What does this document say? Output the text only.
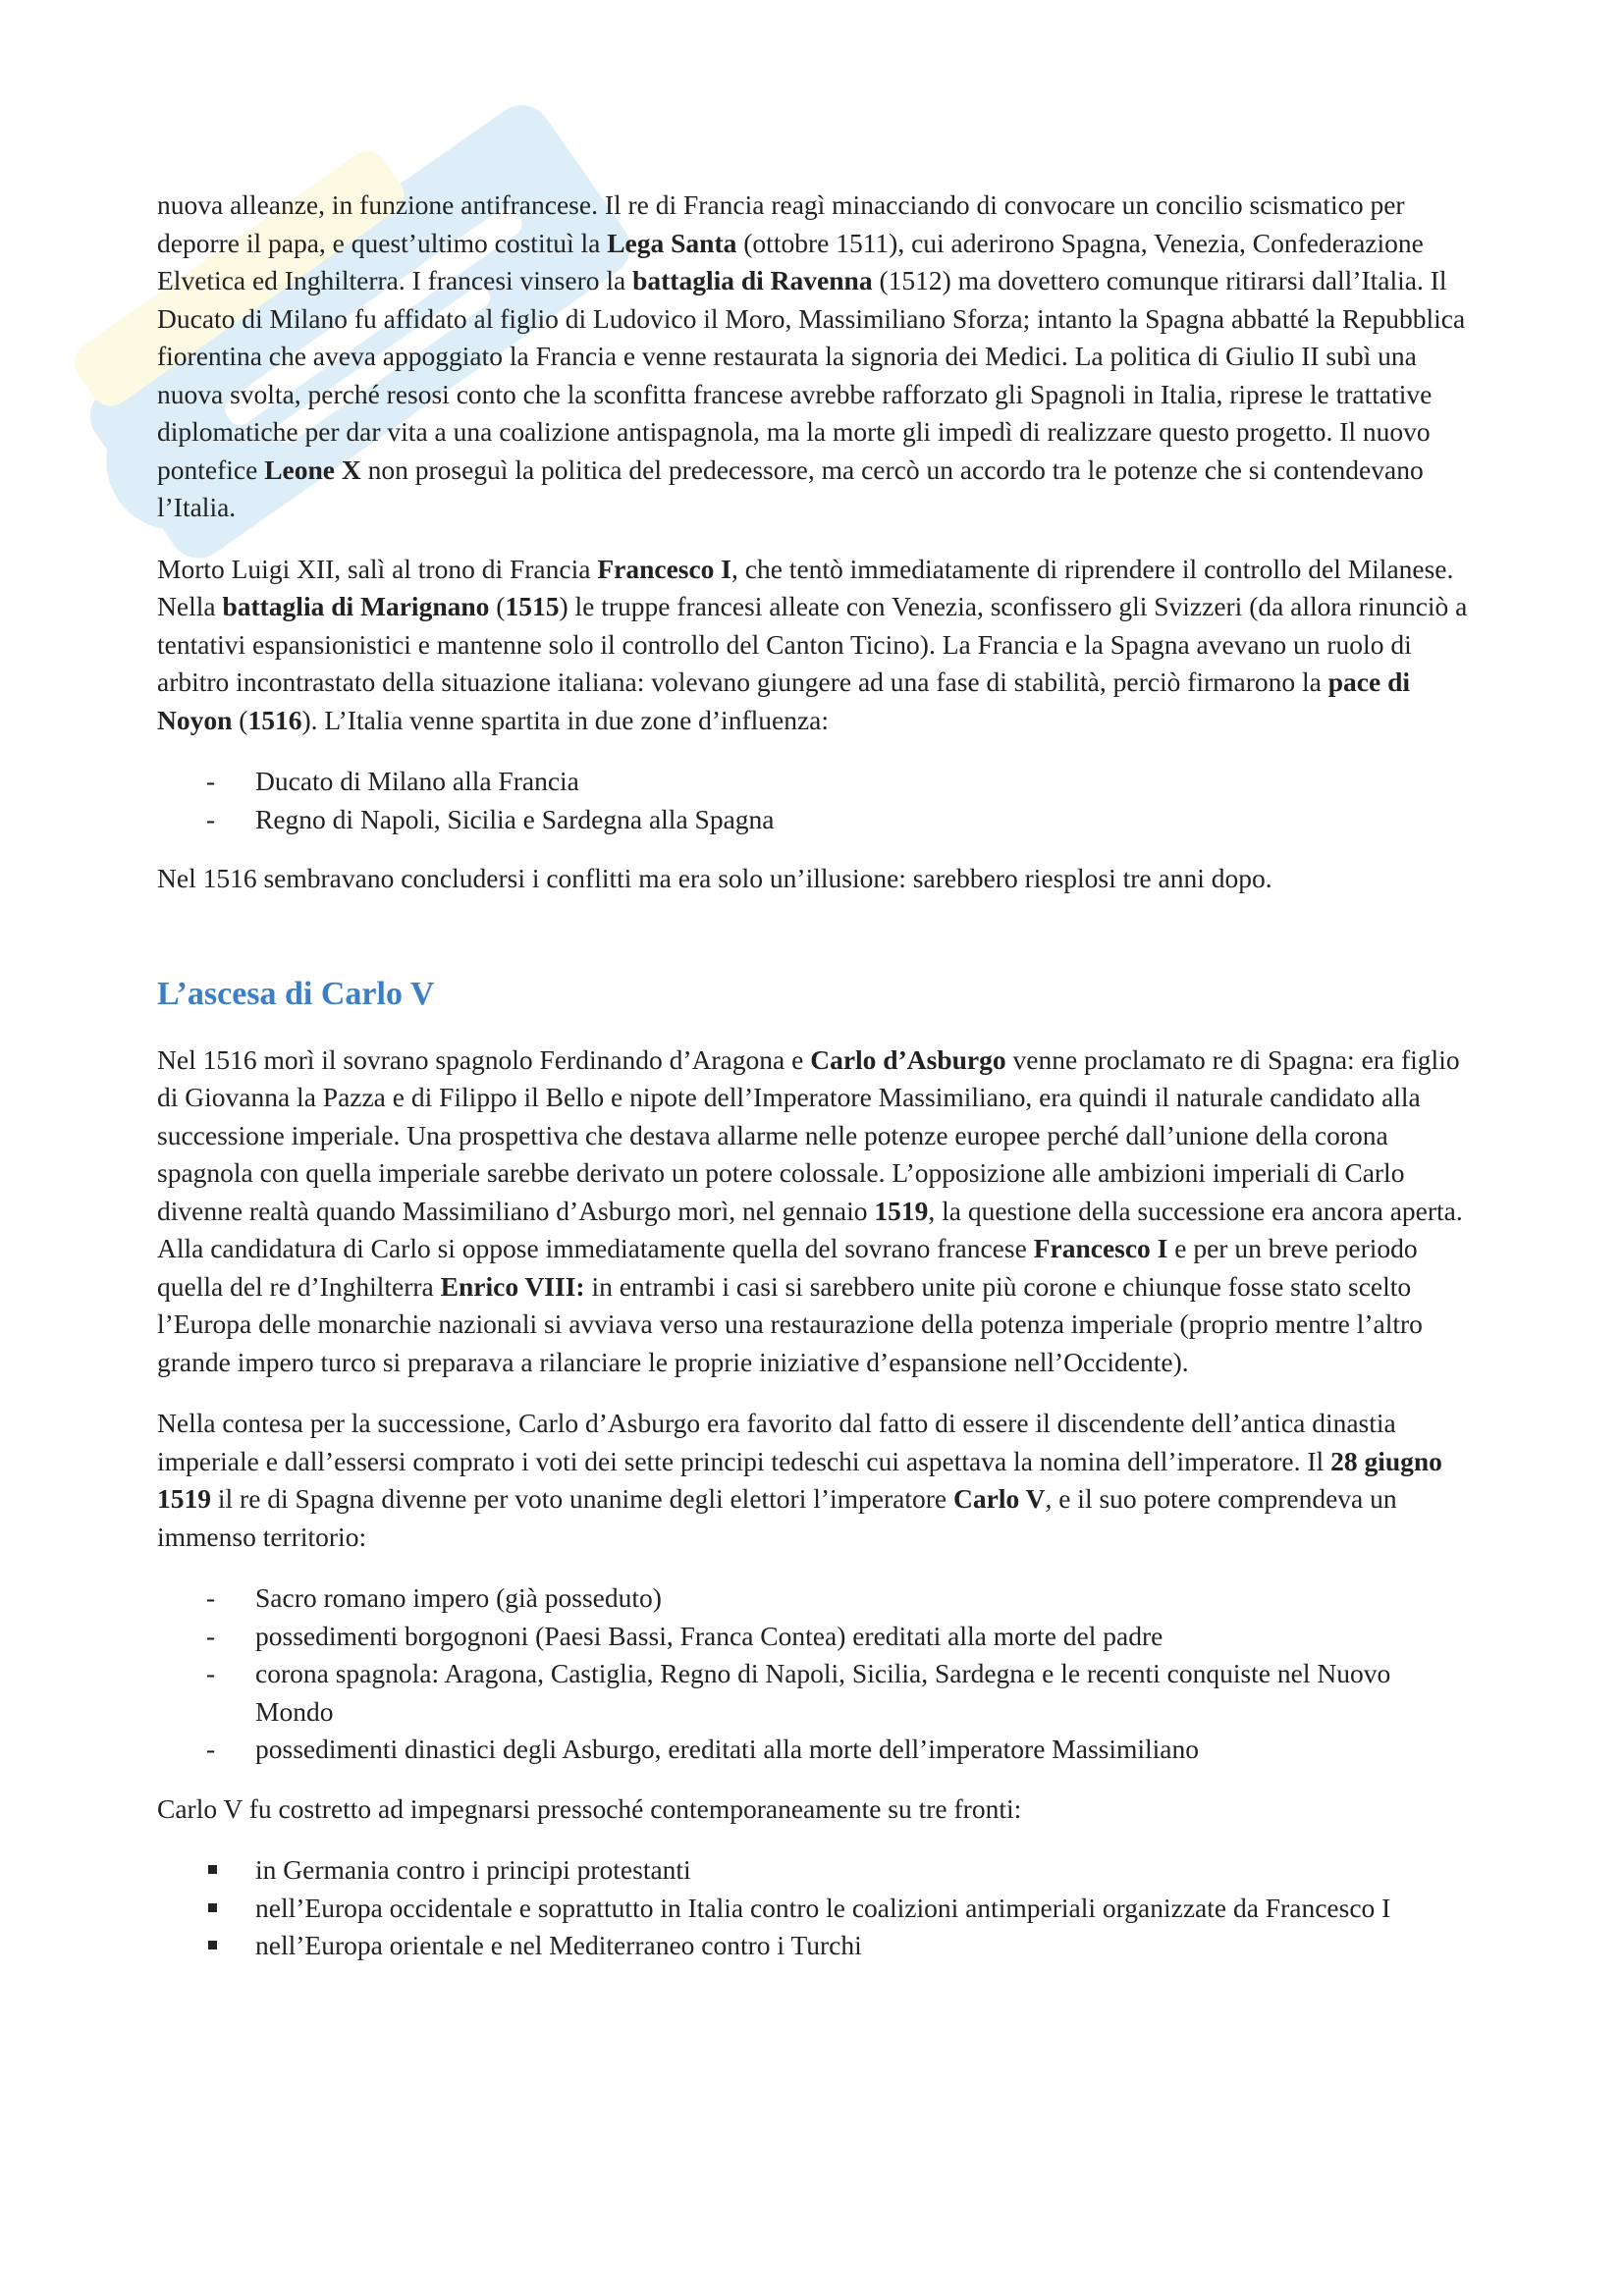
nuova alleanze, in funzione antifrancese. Il re di Francia reagì minacciando di convocare un concilio scismatico per deporre il papa, e quest’ultimo costituì la Lega Santa (ottobre 1511), cui aderirono Spagna, Venezia, Confederazione Elvetica ed Inghilterra. I francesi vinsero la battaglia di Ravenna (1512) ma dovettero comunque ritirarsi dall’Italia. Il Ducato di Milano fu affidato al figlio di Ludovico il Moro, Massimiliano Sforza; intanto la Spagna abbatté la Repubblica fiorentina che aveva appoggiato la Francia e venne restaurata la signoria dei Medici. La politica di Giulio II subì una nuova svolta, perché resosi conto che la sconfitta francese avrebbe rafforzato gli Spagnoli in Italia, riprese le trattative diplomatiche per dar vita a una coalizione antispagnola, ma la morte gli impedì di realizzare questo progetto. Il nuovo pontefice Leone X non proseguì la politica del predecessore, ma cercò un accordo tra le potenze che si contendevano l’Italia.

Morto Luigi XII, salì al trono di Francia Francesco I, che tentò immediatamente di riprendere il controllo del Milanese. Nella battaglia di Marignano (1515) le truppe francesi alleate con Venezia, sconfissero gli Svizzeri (da allora rinunciò a tentativi espansionistici e mantenne solo il controllo del Canton Ticino). La Francia e la Spagna avevano un ruolo di arbitro incontrastato della situazione italiana: volevano giungere ad una fase di stabilità, perciò firmarono la pace di Noyon (1516). L’Italia venne spartita in due zone d’influenza:

- Ducato di Milano alla Francia
- Regno di Napoli, Sicilia e Sardegna alla Spagna

Nel 1516 sembravano concludersi i conflitti ma era solo un’illusione: sarebbero riesplosi tre anni dopo.

L’ascesa di Carlo V

Nel 1516 morì il sovrano spagnolo Ferdinando d’Aragona e Carlo d’Asburgo venne proclamato re di Spagna: era figlio di Giovanna la Pazza e di Filippo il Bello e nipote dell’Imperatore Massimiliano, era quindi il naturale candidato alla successione imperiale. Una prospettiva che destava allarme nelle potenze europee perché dall’unione della corona spagnola con quella imperiale sarebbe derivato un potere colossale. L’opposizione alle ambizioni imperiali di Carlo divenne realtà quando Massimiliano d’Asburgo morì, nel gennaio 1519, la questione della successione era ancora aperta. Alla candidatura di Carlo si oppose immediatamente quella del sovrano francese Francesco I e per un breve periodo quella del re d’Inghilterra Enrico VIII: in entrambi i casi si sarebbero unite più corone e chiunque fosse stato scelto l’Europa delle monarchie nazionali si avviava verso una restaurazione della potenza imperiale (proprio mentre l’altro grande impero turco si preparava a rilanciare le proprie iniziative d’espansione nell’Occidente).

Nella contesa per la successione, Carlo d’Asburgo era favorito dal fatto di essere il discendente dell’antica dinastia imperiale e dall’essersi comprato i voti dei sette principi tedeschi cui aspettava la nomina dell’imperatore. Il 28 giugno 1519 il re di Spagna divenne per voto unanime degli elettori l’imperatore Carlo V, e il suo potere comprendeva un immenso territorio:

- Sacro romano impero (già posseduto)
- possedimenti borgognoni (Paesi Bassi, Franca Contea) ereditati alla morte del padre
- corona spagnola: Aragona, Castiglia, Regno di Napoli, Sicilia, Sardegna e le recenti conquiste nel Nuovo Mondo
- possedimenti dinastici degli Asburgo, ereditati alla morte dell’imperatore Massimiliano

Carlo V fu costretto ad impegnarsi pressoché contemporaneamente su tre fronti:

in Germania contro i principi protestanti
nell’Europa occidentale e soprattutto in Italia contro le coalizioni antimperiali organizzate da Francesco I
nell’Europa orientale e nel Mediterraneo contro i Turchi
